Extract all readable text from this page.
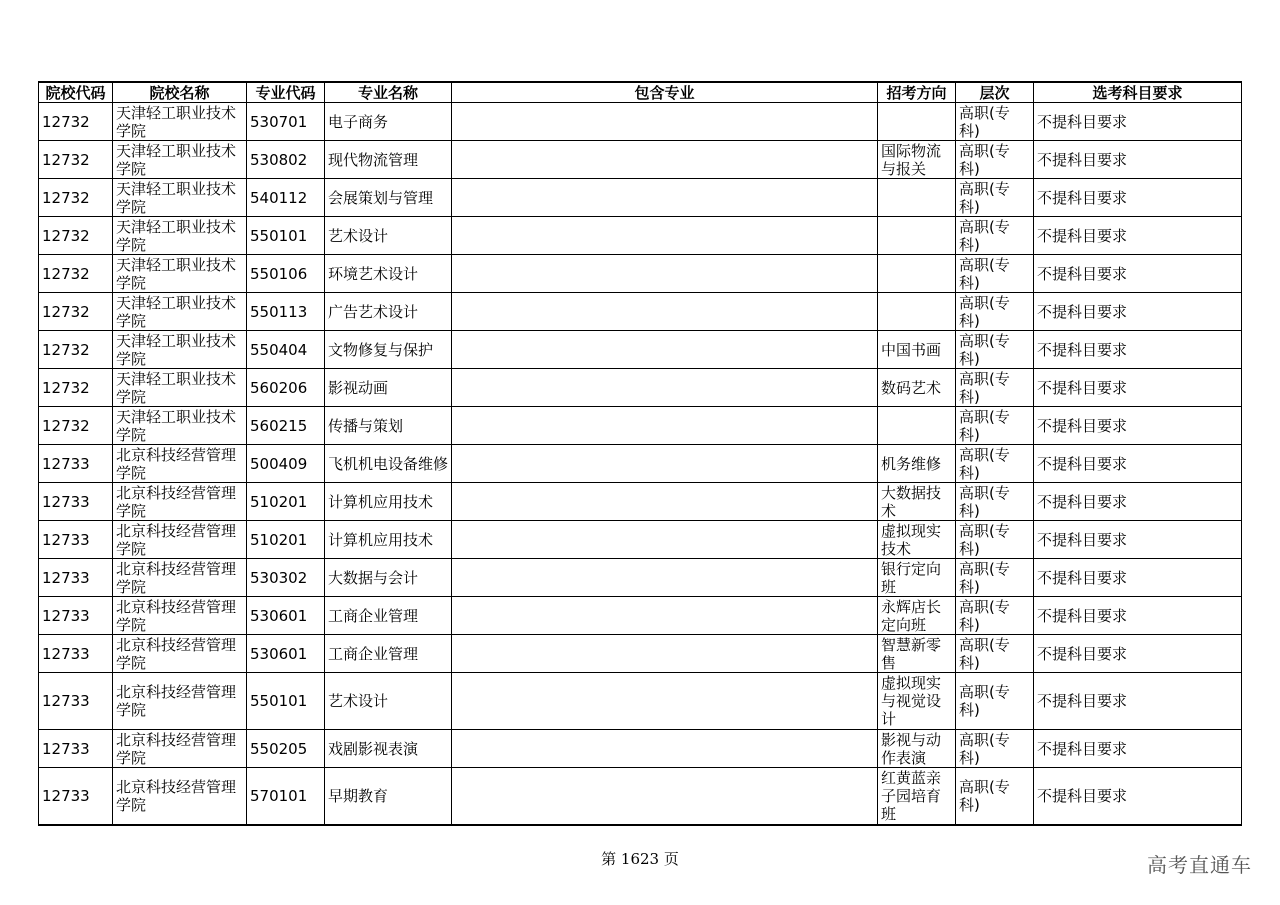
院校代码	院校名称	专业代码	专业名称	包含专业	招考方向	层次	选考科目要求
12732	天津轻工职业技术学院	530701	电子商务			高职(专科)	不提科目要求
12732	天津轻工职业技术学院	530802	现代物流管理		国际物流与报关	高职(专科)	不提科目要求
12732	天津轻工职业技术学院	540112	会展策划与管理			高职(专科)	不提科目要求
12732	天津轻工职业技术学院	550101	艺术设计			高职(专科)	不提科目要求
12732	天津轻工职业技术学院	550106	环境艺术设计			高职(专科)	不提科目要求
12732	天津轻工职业技术学院	550113	广告艺术设计			高职(专科)	不提科目要求
12732	天津轻工职业技术学院	550404	文物修复与保护		中国书画	高职(专科)	不提科目要求
12732	天津轻工职业技术学院	560206	影视动画		数码艺术	高职(专科)	不提科目要求
12732	天津轻工职业技术学院	560215	传播与策划			高职(专科)	不提科目要求
12733	北京科技经营管理学院	500409	飞机机电设备维修		机务维修	高职(专科)	不提科目要求
12733	北京科技经营管理学院	510201	计算机应用技术		大数据技术	高职(专科)	不提科目要求
12733	北京科技经营管理学院	510201	计算机应用技术		虚拟现实技术	高职(专科)	不提科目要求
12733	北京科技经营管理学院	530302	大数据与会计		银行定向班	高职(专科)	不提科目要求
12733	北京科技经营管理学院	530601	工商企业管理		永辉店长定向班	高职(专科)	不提科目要求
12733	北京科技经营管理学院	530601	工商企业管理		智慧新零售	高职(专科)	不提科目要求
12733	北京科技经营管理学院	550101	艺术设计		虚拟现实与视觉设计	高职(专科)	不提科目要求
12733	北京科技经营管理学院	550205	戏剧影视表演		影视与动作表演	高职(专科)	不提科目要求
12733	北京科技经营管理学院	570101	早期教育		红黄蓝亲子园培育班	高职(专科)	不提科目要求
第 1623 页	高考直通车
